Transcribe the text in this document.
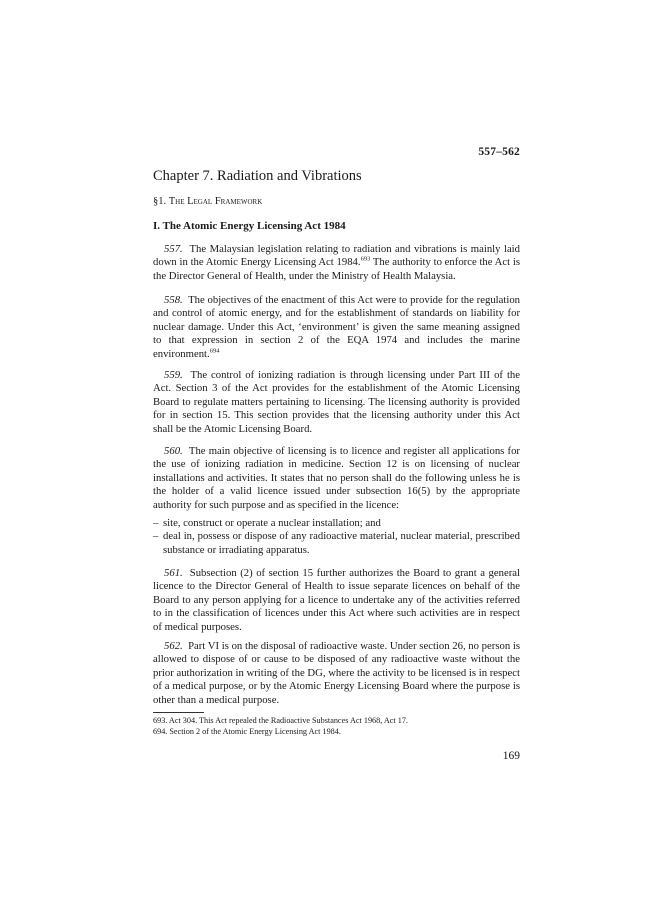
557–562
Chapter 7. Radiation and Vibrations
§1. The Legal Framework
I. The Atomic Energy Licensing Act 1984

557. The Malaysian legislation relating to radiation and vibrations is mainly laid down in the Atomic Energy Licensing Act 1984.$^{693}$ The authority to enforce the Act is the Director General of Health, under the Ministry of Health Malaysia.

558. The objectives of the enactment of this Act were to provide for the regulation and control of atomic energy, and for the establishment of standards on liability for nuclear damage. Under this Act, ‘environment’ is given the same meaning assigned to that expression in section 2 of the EQA 1974 and includes the marine environment.$^{694}$

559. The control of ionizing radiation is through licensing under Part III of the Act. Section 3 of the Act provides for the establishment of the Atomic Licensing Board to regulate matters pertaining to licensing. The licensing authority is provided for in section 15. This section provides that the licensing authority under this Act shall be the Atomic Licensing Board.

560. The main objective of licensing is to licence and register all applications for the use of ionizing radiation in medicine. Section 12 is on licensing of nuclear installations and activities. It states that no person shall do the following unless he is the holder of a valid licence issued under subsection 16(5) by the appropriate authority for such purpose and as specified in the licence:

– site, construct or operate a nuclear installation; and
– deal in, possess or dispose of any radioactive material, nuclear material, prescribed substance or irradiating apparatus.

561. Subsection (2) of section 15 further authorizes the Board to grant a general licence to the Director General of Health to issue separate licences on behalf of the Board to any person applying for a licence to undertake any of the activities referred to in the classification of licences under this Act where such activities are in respect of medical purposes.

562. Part VI is on the disposal of radioactive waste. Under section 26, no person is allowed to dispose of or cause to be disposed of any radioactive waste without the prior authorization in writing of the DG, where the activity to be licensed is in respect of a medical purpose, or by the Atomic Energy Licensing Board where the purpose is other than a medical purpose.

693. Act 304. This Act repealed the Radioactive Substances Act 1968, Act 17.

694. Section 2 of the Atomic Energy Licensing Act 1984.

169
